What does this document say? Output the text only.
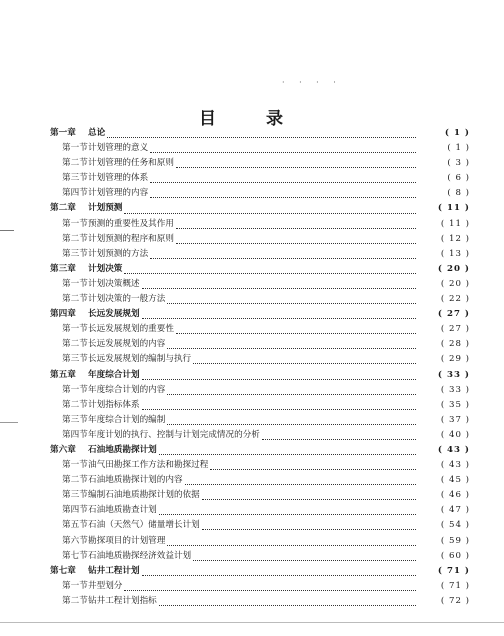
· · · ·
目 录
第一章	总论	( 1 )
第一节 计划管理的意义	( 1 )
第二节 计划管理的任务和原则	( 3 )
第三节 计划管理的体系	( 6 )
第四节 计划管理的内容	( 8 )
第二章	计划预测	( 11 )
第一节 预测的重要性及其作用	( 11 )
第二节 计划预测的程序和原则	( 12 )
第三节 计划预测的方法	( 13 )
第三章	计划决策	( 20 )
第一节 计划决策概述	( 20 )
第二节 计划决策的一般方法	( 22 )
第四章	长远发展规划	( 27 )
第一节 长远发展规划的重要性	( 27 )
第二节 长远发展规划的内容	( 28 )
第三节 长远发展规划的编制与执行	( 29 )
第五章	年度综合计划	( 33 )
第一节 年度综合计划的内容	( 33 )
第二节 计划指标体系	( 35 )
第三节 年度综合计划的编制	( 37 )
第四节 年度计划的执行、控制与计划完成情况的分析	( 40 )
第六章	石油地质勘探计划	( 43 )
第一节 油气田勘探工作方法和勘探过程	( 43 )
第二节 石油地质勘探计划的内容	( 45 )
第三节 编制石油地质勘探计划的依据	( 46 )
第四节 石油地质勘查计划	( 47 )
第五节 石油（天然气）储量增长计划	( 54 )
第六节 勘探项目的计划管理	( 59 )
第七节 石油地质勘探经济效益计划	( 60 )
第七章	钻井工程计划	( 71 )
第一节 井型划分	( 71 )
第二节 钻井工程计划指标	( 72 )
